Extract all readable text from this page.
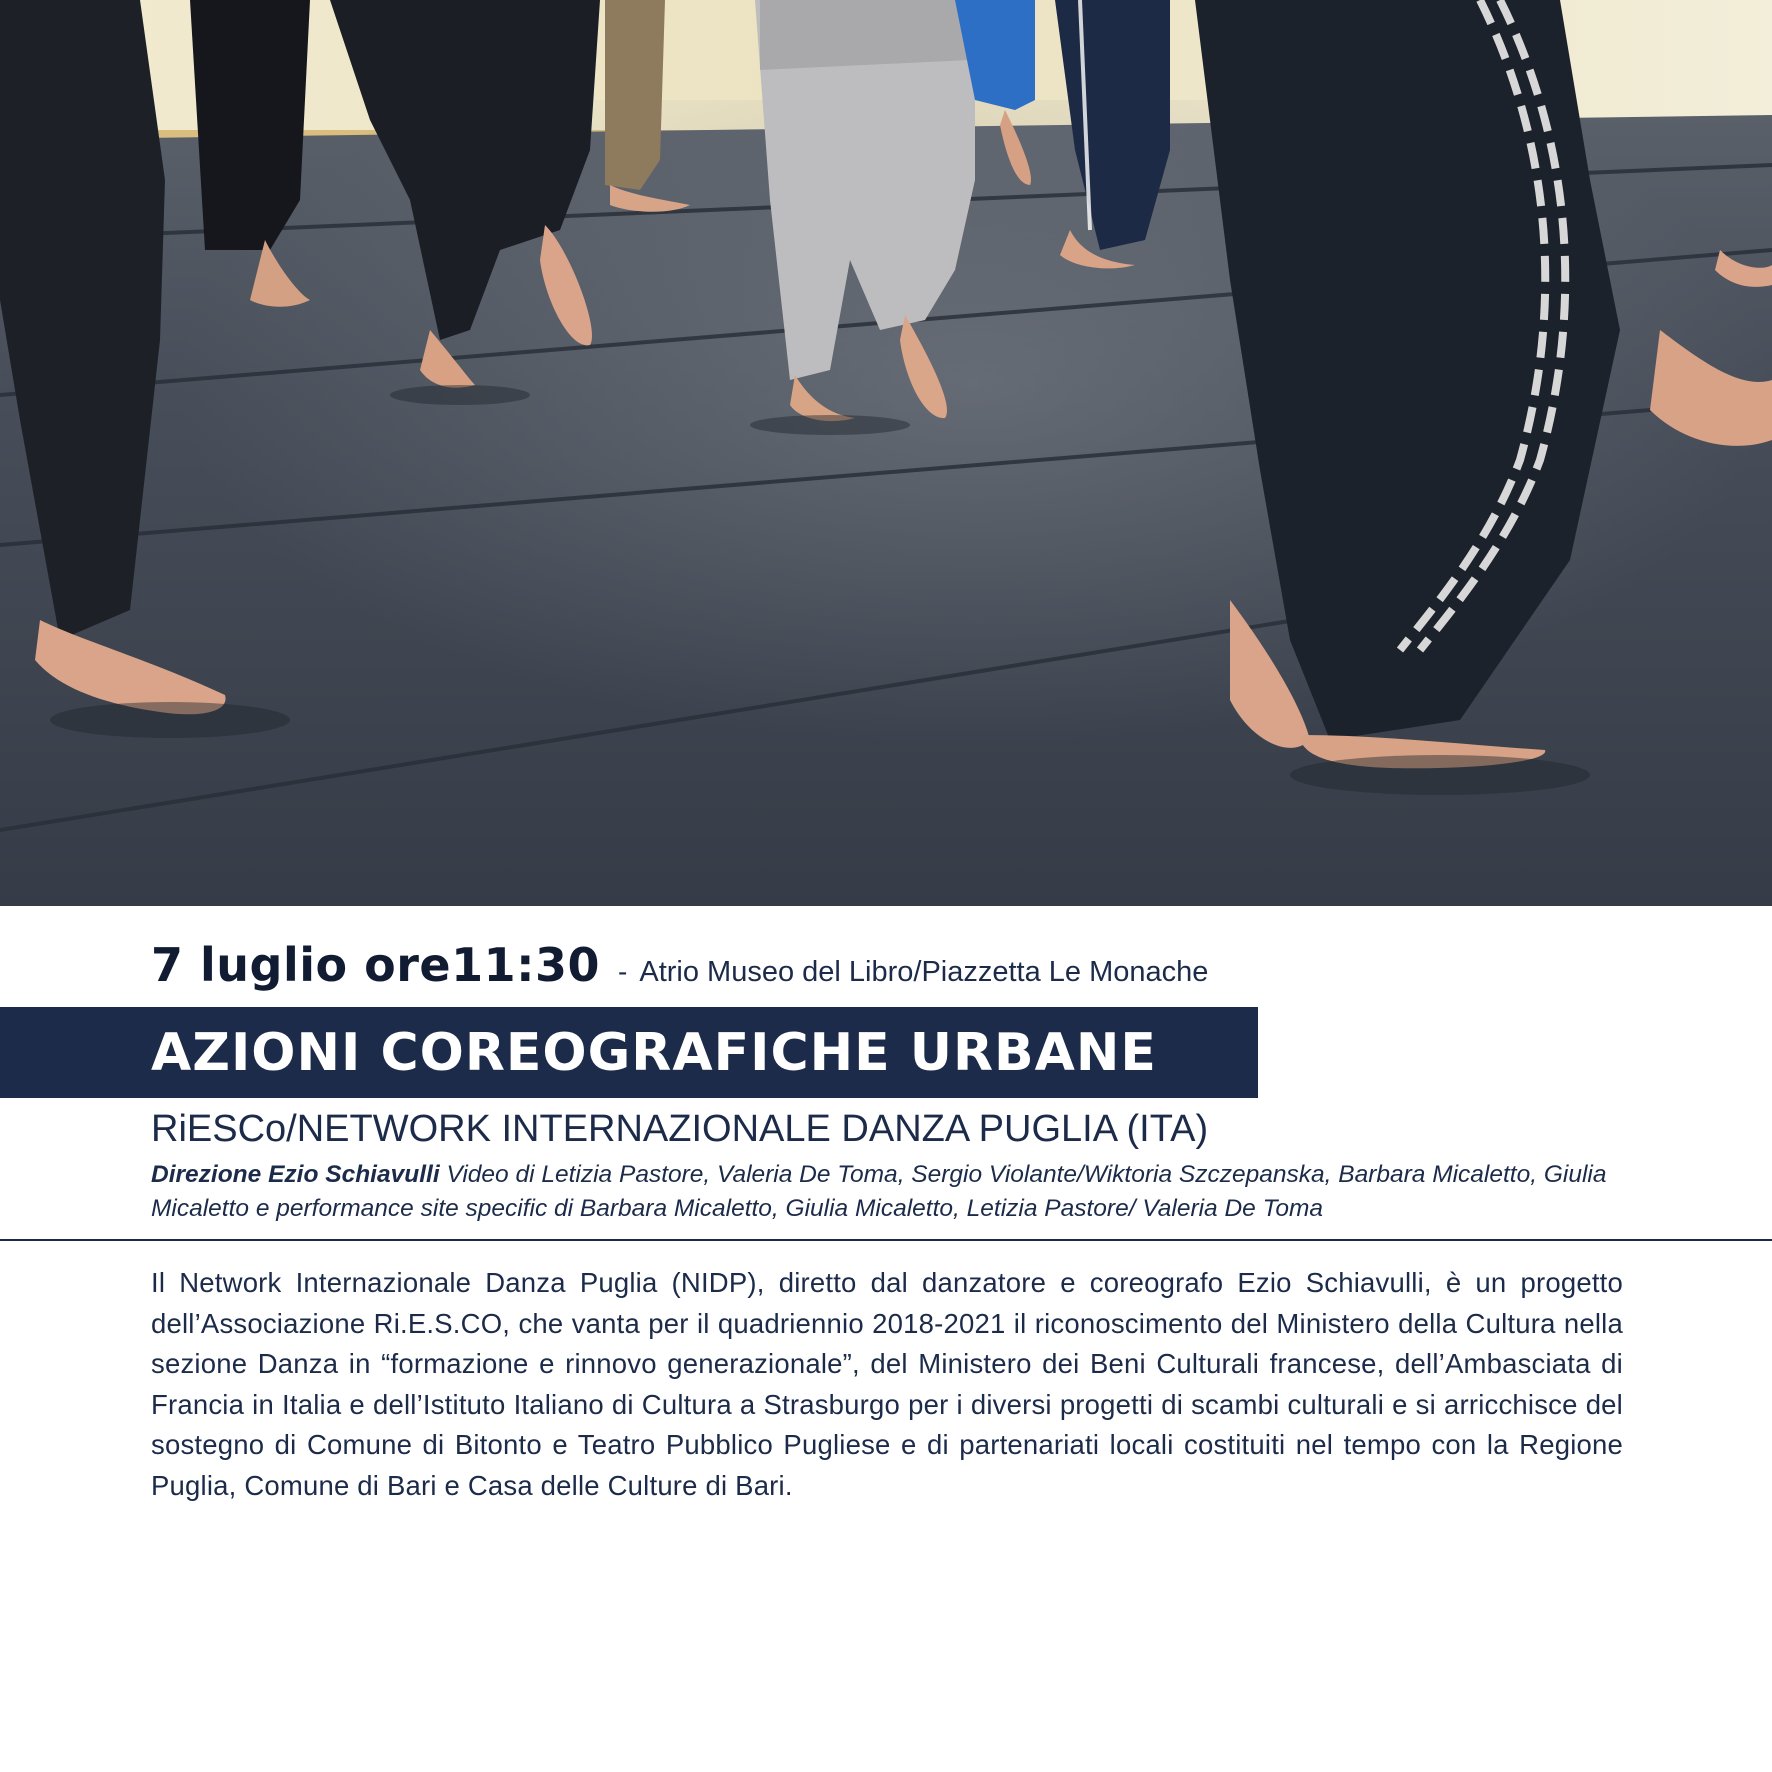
7 luglio ore11:30 - Atrio Museo del Libro/Piazzetta Le Monache
AZIONI COREOGRAFICHE URBANE
RiESCo/NETWORK INTERNAZIONALE DANZA PUGLIA (ITA)
Direzione Ezio Schiavulli Video di Letizia Pastore, Valeria De Toma, Sergio Violante/Wiktoria Szczepanska, Barbara Micaletto, Giulia Micaletto e performance site specific di Barbara Micaletto, Giulia Micaletto, Letizia Pastore/ Valeria De Toma
Il Network Internazionale Danza Puglia (NIDP), diretto dal danzatore e coreografo Ezio Schiavulli, è un progetto dell’Associazione Ri.E.S.CO, che vanta per il quadriennio 2018-2021 il riconoscimento del Ministero della Cultura nella sezione Danza in “formazione e rinnovo generazionale”, del Ministero dei Beni Culturali francese, dell’Ambasciata di Francia in Italia e dell’Istituto Italiano di Cultura a Strasburgo per i diversi progetti di scambi culturali e si arricchisce del sostegno di Comune di Bitonto e Teatro Pubblico Pugliese e di partenariati locali costituiti nel tempo con la Regione Puglia, Comune di Bari e Casa delle Culture di Bari.
